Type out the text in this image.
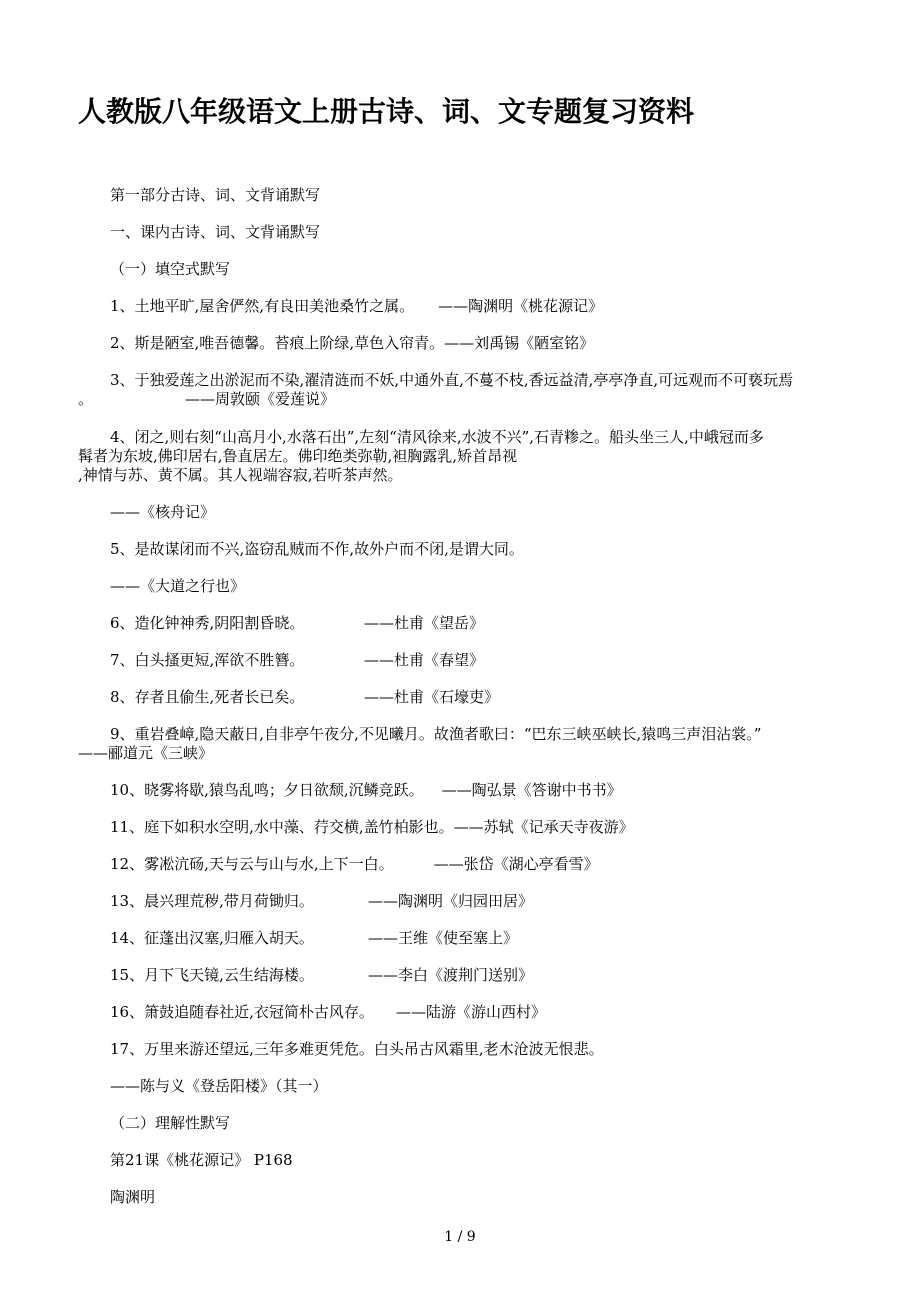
人教版八年级语文上册古诗、词、文专题复习资料
第一部分古诗、词、文背诵默写
一、课内古诗、词、文背诵默写
（一）填空式默写
1、土地平旷,屋舍俨然,有良田美池桑竹之属。 ——陶渊明《桃花源记》
2、斯是陋室,唯吾德馨。苔痕上阶绿,草色入帘青。——刘禹锡《陋室铭》
3、于独爱莲之出淤泥而不染,濯清涟而不妖,中通外直,不蔓不枝,香远益清,亭亭净直,可远观而不可亵玩焉
。	——周敦颐《爱莲说》
4、闭之,则右刻“山高月小,水落石出”,左刻“清风徐来,水波不兴”,石青糁之。船头坐三人,中峨冠而多
髯者为东坡,佛印居右,鲁直居左。佛印绝类弥勒,袒胸露乳,矫首昂视
,神情与苏、黄不属。其人视端容寂,若听茶声然。
——《核舟记》
5、是故谋闭而不兴,盗窃乱贼而不作,故外户而不闭,是谓大同。
——《大道之行也》
6、造化钟神秀,阴阳割昏晓。	——杜甫《望岳》
7、白头搔更短,浑欲不胜簪。	——杜甫《春望》
8、存者且偷生,死者长已矣。	——杜甫《石壕吏》
9、重岩叠嶂,隐天蔽日,自非亭午夜分,不见曦月。故渔者歌曰：“巴东三峡巫峡长,猿鸣三声泪沾裳。”
——郦道元《三峡》
10、晓雾将歇,猿鸟乱鸣；夕日欲颓,沉鳞竞跃。 ——陶弘景《答谢中书书》
11、庭下如积水空明,水中藻、荇交横,盖竹柏影也。——苏轼《记承天寺夜游》
12、雾凇沆砀,天与云与山与水,上下一白。	——张岱《湖心亭看雪》
13、晨兴理荒秽,带月荷锄归。	——陶渊明《归园田居》
14、征蓬出汉塞,归雁入胡天。	——王维《使至塞上》
15、月下飞天镜,云生结海楼。	——李白《渡荆门送别》
16、箫鼓追随春社近,衣冠简朴古风存。 ——陆游《游山西村》
17、万里来游还望远,三年多难更凭危。白头吊古风霜里,老木沧波无恨悲。
——陈与义《登岳阳楼》（其一）
（二）理解性默写
第21课《桃花源记》 P168
陶渊明
1 / 9
